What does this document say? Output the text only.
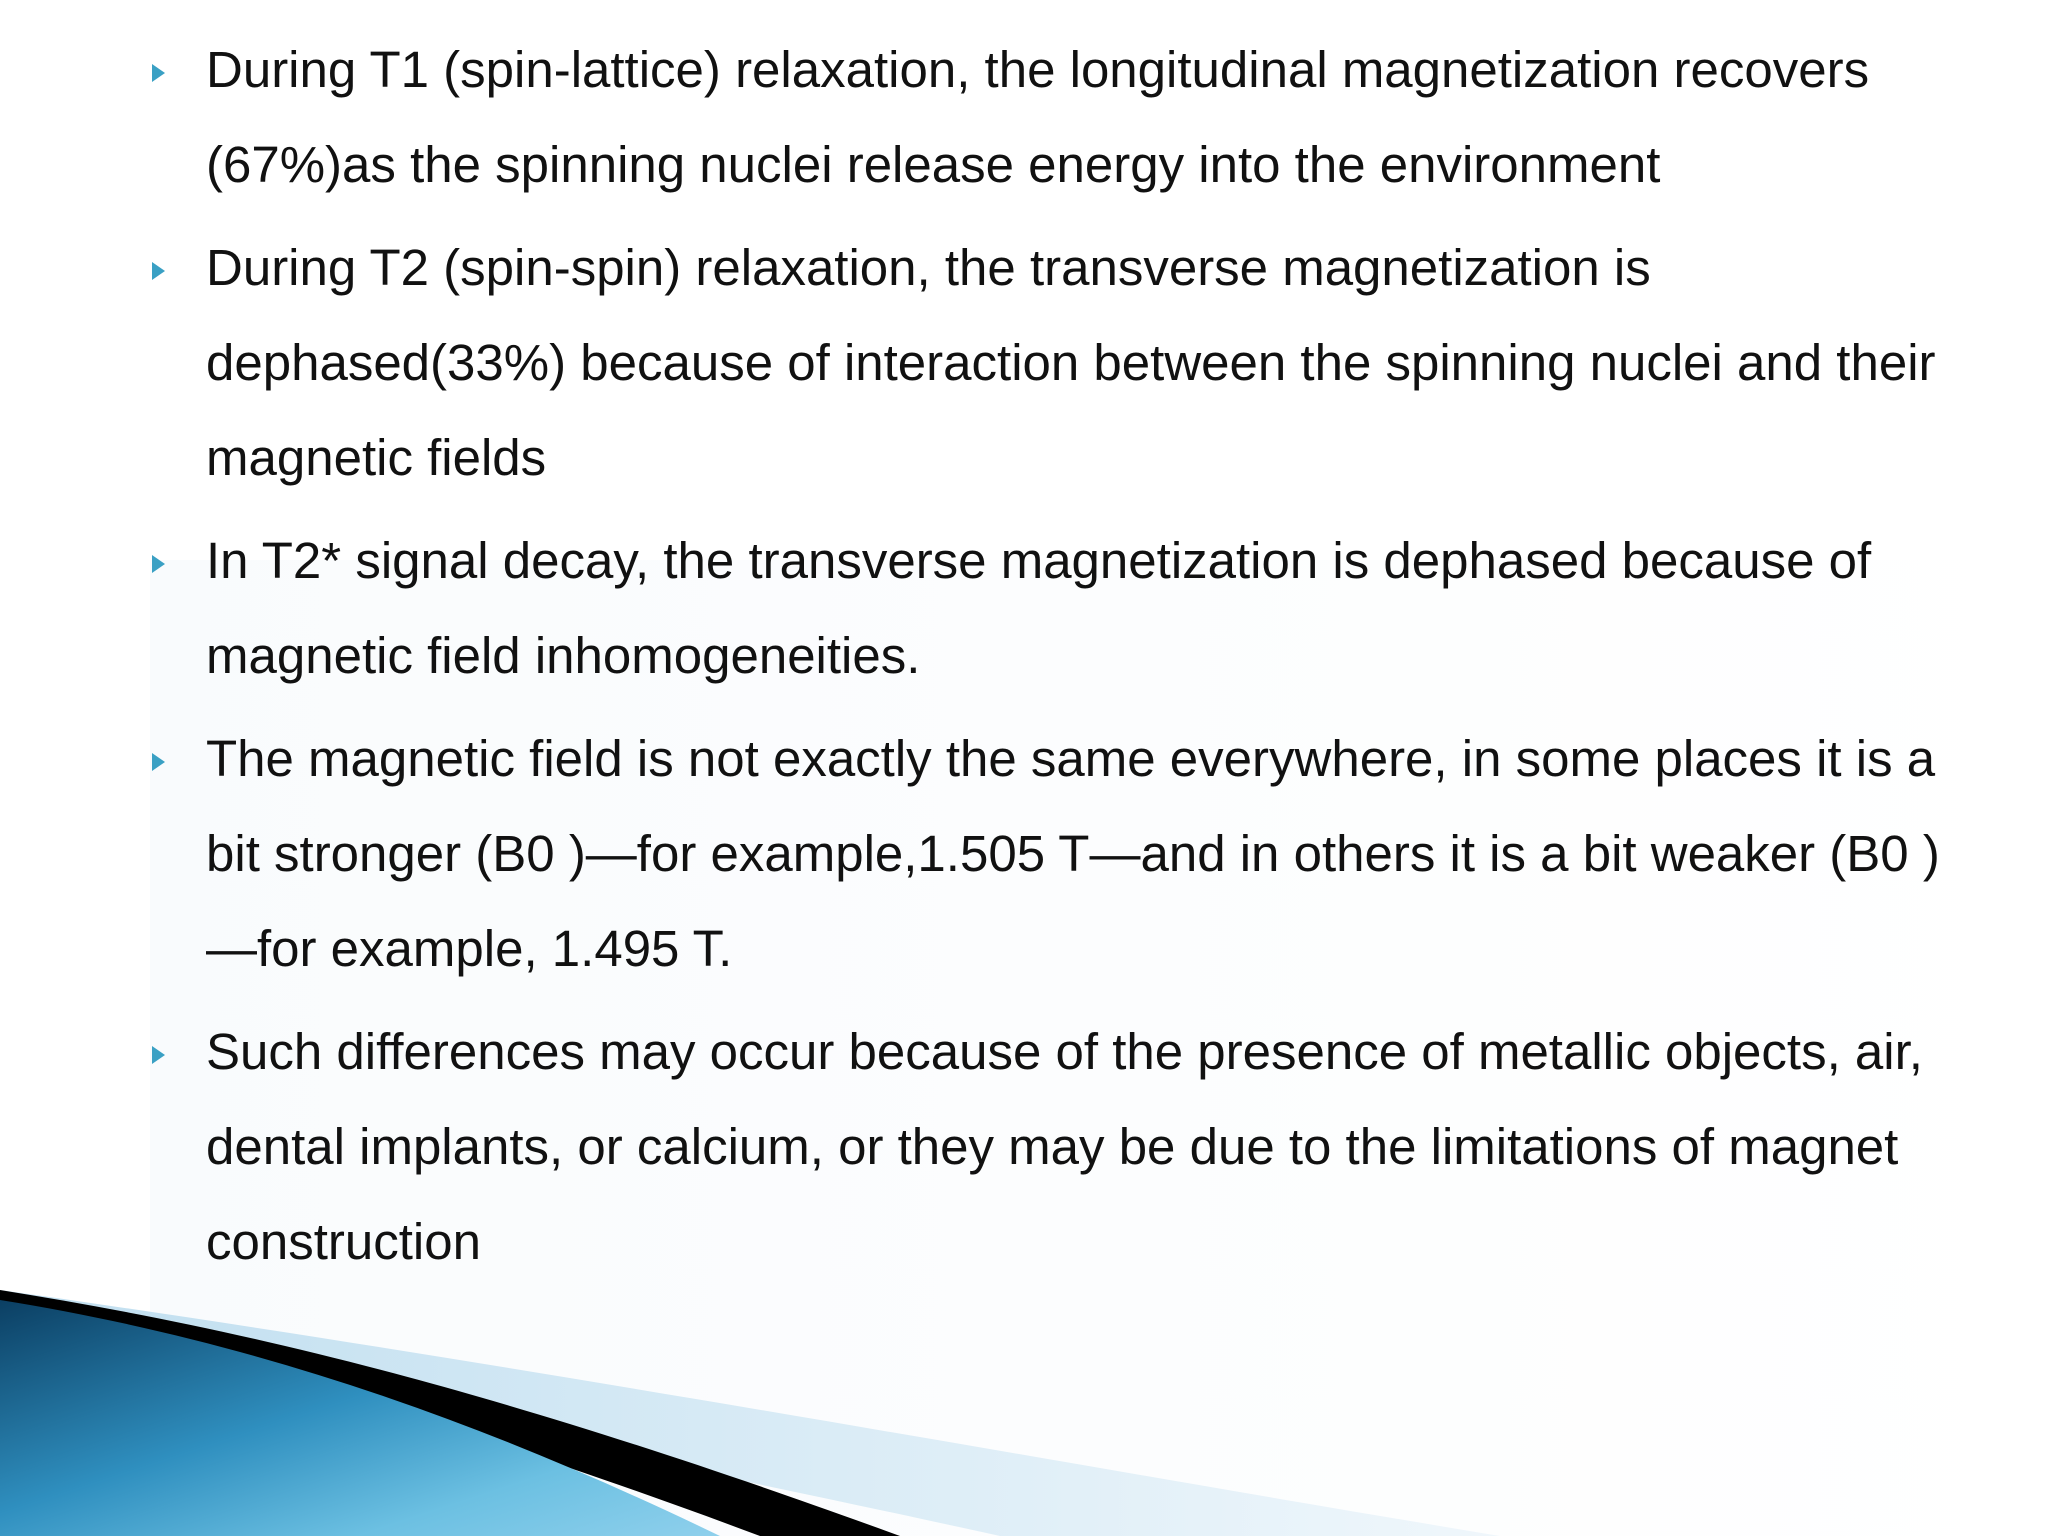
During T1 (spin-lattice) relaxation, the longitudinal magnetization recovers (67%)as the spinning nuclei release energy into the environment
During T2 (spin-spin) relaxation, the transverse magnetization is dephased(33%) because of interaction between the spinning nuclei and their magnetic fields
In T2* signal decay, the transverse magnetization is dephased because of magnetic field inhomogeneities.
The magnetic field is not exactly the same everywhere, in some places it is a bit stronger (B0 )—for example,1.505 T—and in others it is a bit weaker (B0 )—for example, 1.495 T.
Such differences may occur because of the presence of metallic objects, air, dental implants, or calcium, or they may be due to the limitations of magnet construction
